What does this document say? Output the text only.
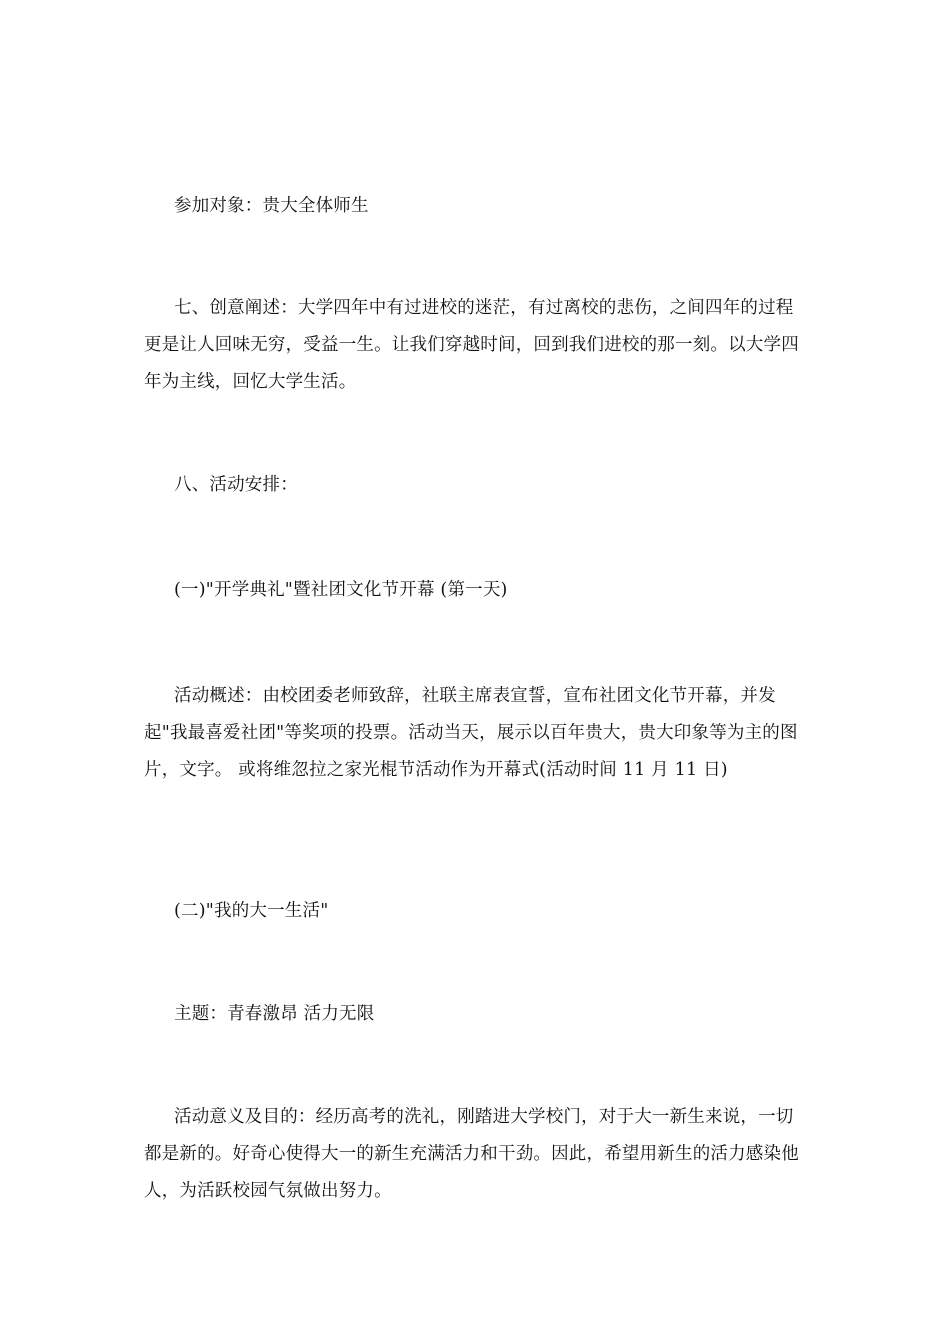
参加对象：贵大全体师生

七、创意阐述：大学四年中有过进校的迷茫，有过离校的悲伤，之间四年的过程更是让人回味无穷，受益一生。让我们穿越时间，回到我们进校的那一刻。以大学四年为主线，回忆大学生活。

八、活动安排：

(一)"开学典礼"暨社团文化节开幕 (第一天)

活动概述：由校团委老师致辞，社联主席表宣誓，宣布社团文化节开幕，并发起"我最喜爱社团"等奖项的投票。活动当天，展示以百年贵大，贵大印象等为主的图片，文字。 或将维忽拉之家光棍节活动作为开幕式(活动时间 11 月 11 日)

(二)"我的大一生活"

主题：青春激昂 活力无限

活动意义及目的：经历高考的洗礼，刚踏进大学校门，对于大一新生来说，一切都是新的。好奇心使得大一的新生充满活力和干劲。因此，希望用新生的活力感染他人，为活跃校园气氛做出努力。
